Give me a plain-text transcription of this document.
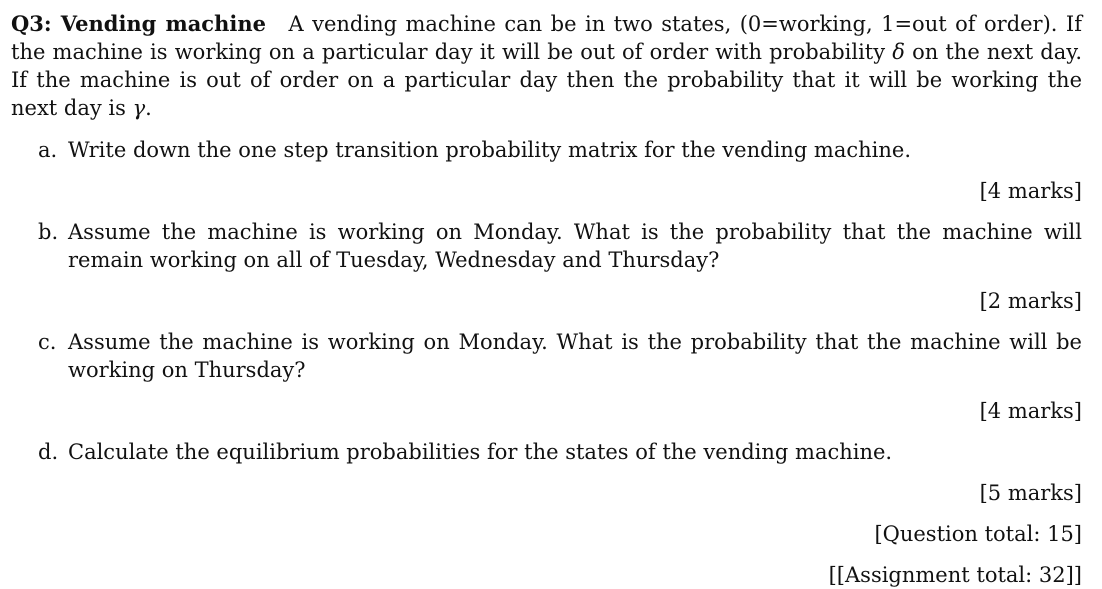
Q3: Vending machine A vending machine can be in two states, (0=working, 1=out of order). If the machine is working on a particular day it will be out of order with probability δ on the next day. If the machine is out of order on a particular day then the probability that it will be working the next day is γ.

a. Write down the one step transition probability matrix for the vending machine.

[4 marks]

b. Assume the machine is working on Monday. What is the probability that the machine will remain working on all of Tuesday, Wednesday and Thursday?

[2 marks]

c. Assume the machine is working on Monday. What is the probability that the machine will be working on Thursday?

[4 marks]

d. Calculate the equilibrium probabilities for the states of the vending machine.

[5 marks]

[Question total: 15]

[[Assignment total: 32]]
